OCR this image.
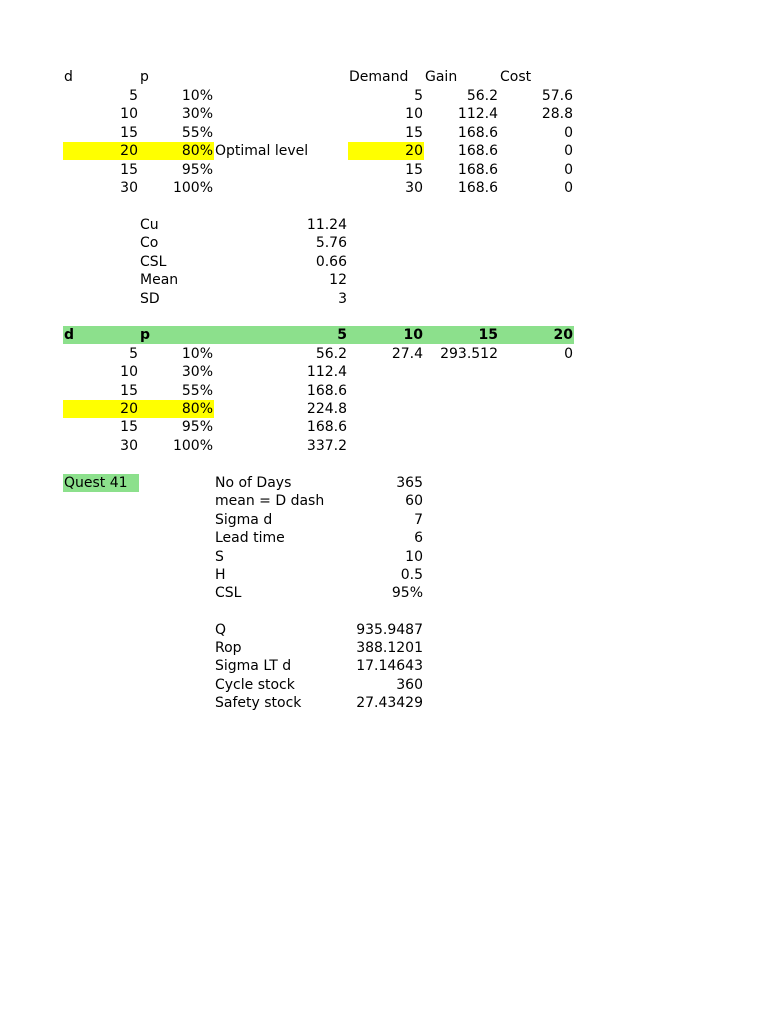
d	p	Demand	Gain	Cost
5	10%	5	56.2	57.6
10	30%	10	112.4	28.8
15	55%	15	168.6	0
20	80% Optimal level	20	168.6	0
15	95%	15	168.6	0
30	100%	30	168.6	0
Cu	11.24
Co	5.76
CSL	0.66
Mean	12
SD	3
d	p	5	10	15	20
5	10%	56.2	27.4	293.512	0
10	30%	112.4
15	55%	168.6
20	80%	224.8
15	95%	168.6
30	100%	337.2
Quest 41	No of Days	365
mean = D dash	60
Sigma d	7
Lead time	6
S	10
H	0.5
CSL	95%
Q	935.9487
Rop	388.1201
Sigma LT d	17.14643
Cycle stock	360
Safety stock	27.43429
